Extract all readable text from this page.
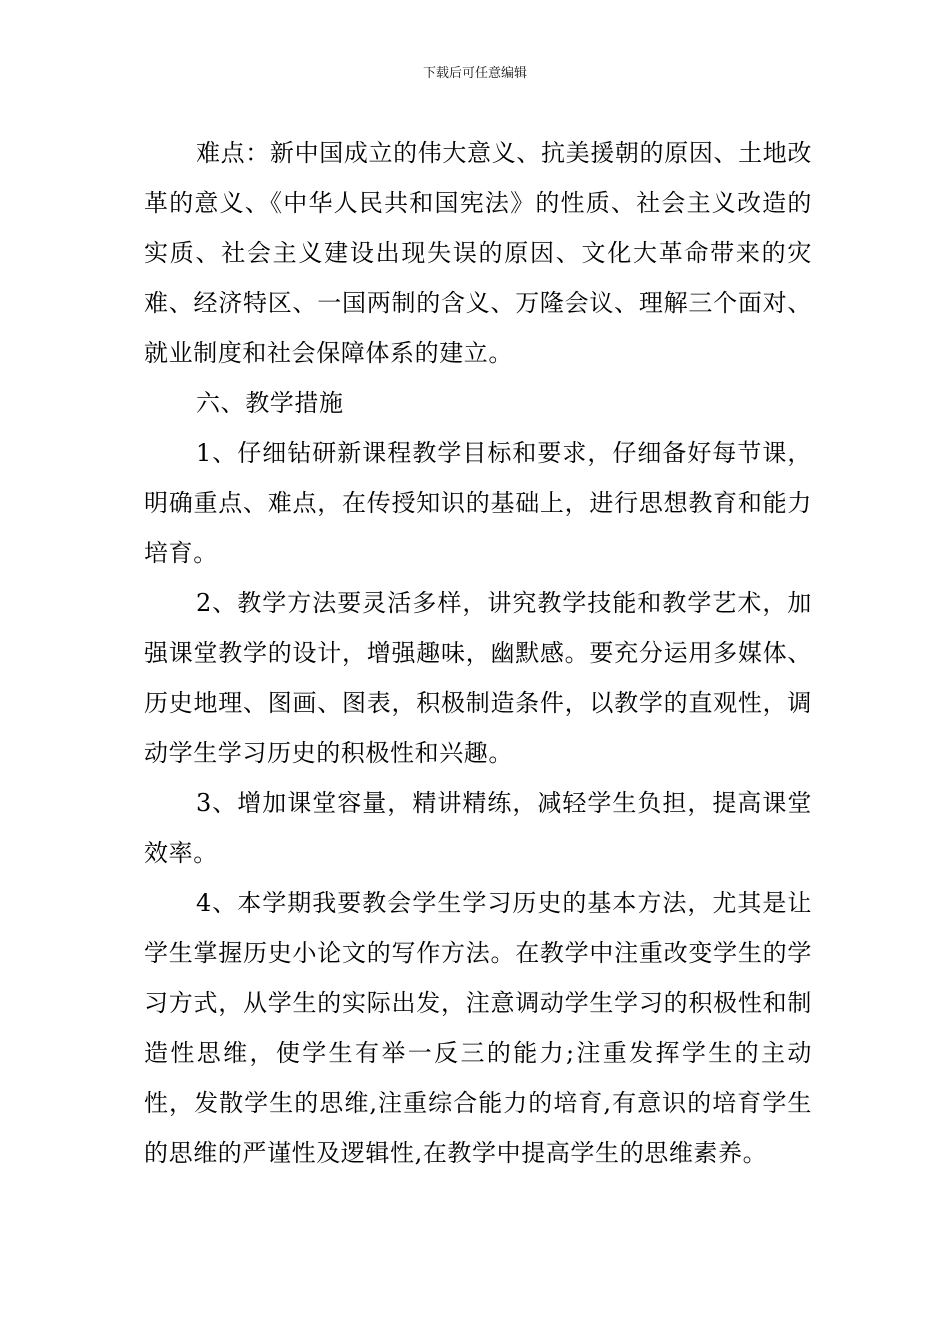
下载后可任意编辑

难点：新中国成立的伟大意义、抗美援朝的原因、土地改革的意义、《中华人民共和国宪法》的性质、社会主义改造的实质、社会主义建设出现失误的原因、文化大革命带来的灾难、经济特区、一国两制的含义、万隆会议、理解三个面对、就业制度和社会保障体系的建立。

六、教学措施

1、仔细钻研新课程教学目标和要求，仔细备好每节课，明确重点、难点，在传授知识的基础上，进行思想教育和能力培育。

2、教学方法要灵活多样，讲究教学技能和教学艺术，加强课堂教学的设计，增强趣味，幽默感。要充分运用多媒体、历史地理、图画、图表，积极制造条件，以教学的直观性，调动学生学习历史的积极性和兴趣。

3、增加课堂容量，精讲精练，减轻学生负担，提高课堂效率。

4、本学期我要教会学生学习历史的基本方法，尤其是让学生掌握历史小论文的写作方法。在教学中注重改变学生的学习方式，从学生的实际出发，注意调动学生学习的积极性和制造性思维，使学生有举一反三的能力;注重发挥学生的主动性，发散学生的思维,注重综合能力的培育,有意识的培育学生的思维的严谨性及逻辑性,在教学中提高学生的思维素养。
